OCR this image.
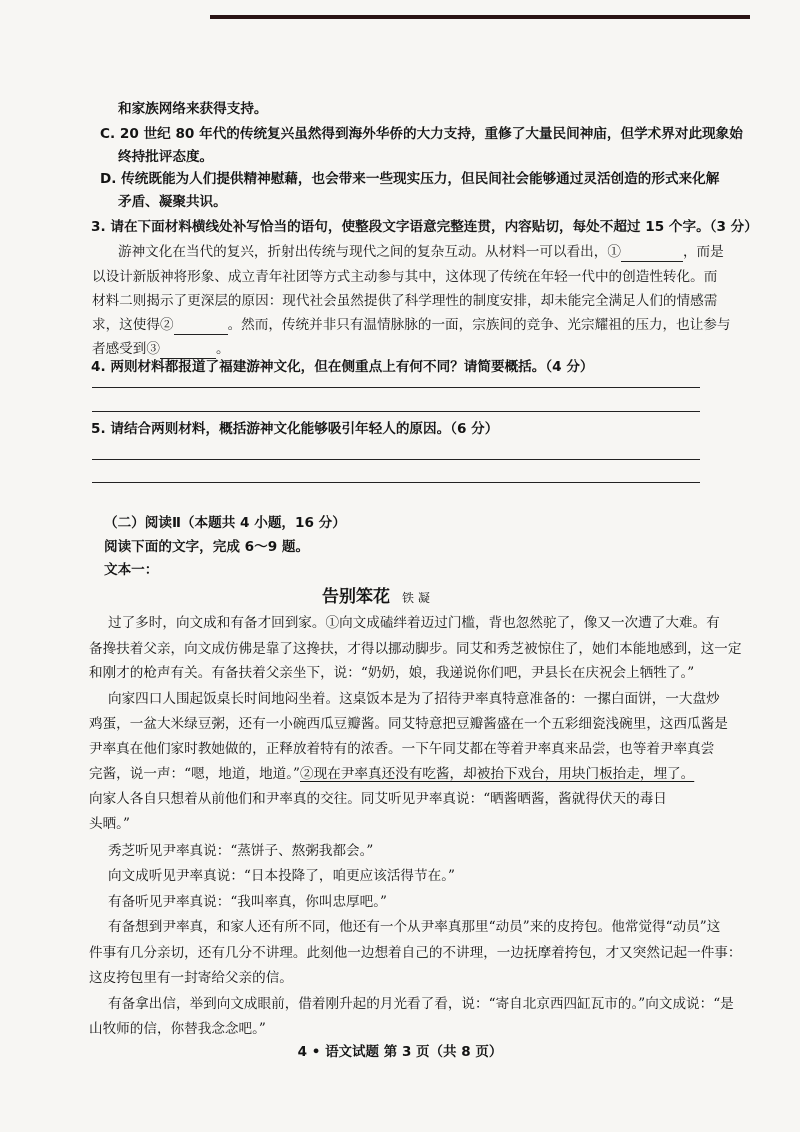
和家族网络来获得支持。
C. 20 世纪 80 年代的传统复兴虽然得到海外华侨的大力支持，重修了大量民间神庙，但学术界对此现象始
终持批评态度。
D. 传统既能为人们提供精神慰藉，也会带来一些现实压力，但民间社会能够通过灵活创造的形式来化解
矛盾、凝聚共识。
3. 请在下面材料横线处补写恰当的语句，使整段文字语意完整连贯，内容贴切，每处不超过 15 个字。（3 分）
游神文化在当代的复兴，折射出传统与现代之间的复杂互动。从材料一可以看出，①	，而是
以设计新版神将形象、成立青年社团等方式主动参与其中，这体现了传统在年轻一代中的创造性转化。而
材料二则揭示了更深层的原因：现代社会虽然提供了科学理性的制度安排，却未能完全满足人们的情感需
求，这使得②	。然而，传统并非只有温情脉脉的一面，宗族间的竞争、光宗耀祖的压力，也让参与
者感受到③	。
4. 两则材料都报道了福建游神文化，但在侧重点上有何不同？请简要概括。（4 分）
5. 请结合两则材料，概括游神文化能够吸引年轻人的原因。（6 分）
（二）阅读Ⅱ（本题共 4 小题，16 分）
阅读下面的文字，完成 6～9 题。
文本一：
告别笨花 铁 凝
过了多时，向文成和有备才回到家。①向文成磕绊着迈过门槛，背也忽然驼了，像又一次遭了大难。有
备搀扶着父亲，向文成仿佛是靠了这搀扶，才得以挪动脚步。同艾和秀芝被惊住了，她们本能地感到，这一定
和刚才的枪声有关。有备扶着父亲坐下，说：“奶奶，娘，我递说你们吧，尹县长在庆祝会上牺牲了。”
向家四口人围起饭桌长时间地闷坐着。这桌饭本是为了招待尹率真特意准备的：一摞白面饼，一大盘炒
鸡蛋，一盆大米绿豆粥，还有一小碗西瓜豆瓣酱。同艾特意把豆瓣酱盛在一个五彩细瓷浅碗里，这西瓜酱是
尹率真在他们家时教她做的，正释放着特有的浓香。一下午同艾都在等着尹率真来品尝，也等着尹率真尝
完酱，说一声：“嗯，地道，地道。”②现在尹率真还没有吃酱，却被抬下戏台，用块门板抬走，埋了。
向家人各自只想着从前他们和尹率真的交往。同艾听见尹率真说：“晒酱晒酱，酱就得伏天的毒日
头晒。”
秀芝听见尹率真说：“蒸饼子、熬粥我都会。”
向文成听见尹率真说：“日本投降了，咱更应该活得节在。”
有备听见尹率真说：“我叫率真，你叫忠厚吧。”
有备想到尹率真，和家人还有所不同，他还有一个从尹率真那里“动员”来的皮挎包。他常觉得“动员”这
件事有几分亲切，还有几分不讲理。此刻他一边想着自己的不讲理，一边抚摩着挎包，才又突然记起一件事：
这皮挎包里有一封寄给父亲的信。
有备拿出信，举到向文成眼前，借着刚升起的月光看了看，说：“寄自北京西四缸瓦市的。”向文成说：“是
山牧师的信，你替我念念吧。”
4 • 语文试题 第 3 页（共 8 页）
